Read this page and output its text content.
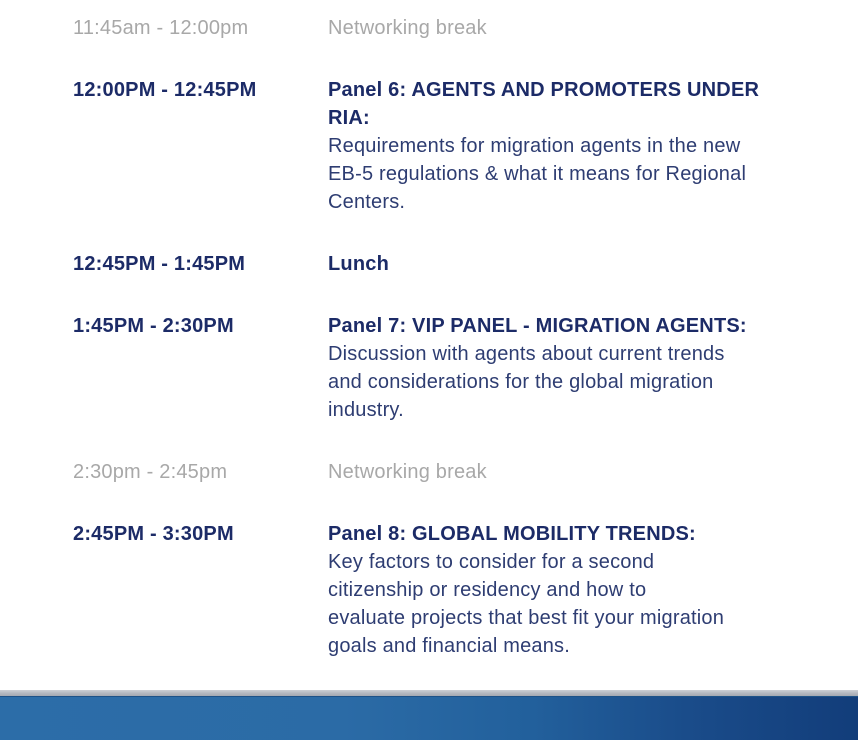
11:45am - 12:00pm	Networking break
12:00PM - 12:45PM	Panel 6: AGENTS AND PROMOTERS UNDER RIA:
Requirements for migration agents in the new
EB-5 regulations & what it means for Regional
Centers.
12:45PM - 1:45PM	Lunch
1:45PM - 2:30PM	Panel 7: VIP PANEL - MIGRATION AGENTS:
Discussion with agents about current trends
and considerations for the global migration
industry.
2:30pm - 2:45pm	Networking break
2:45PM - 3:30PM	Panel 8: GLOBAL MOBILITY TRENDS:
Key factors to consider for a second
citizenship or residency and how to
evaluate projects that best fit your migration
goals and financial means.
